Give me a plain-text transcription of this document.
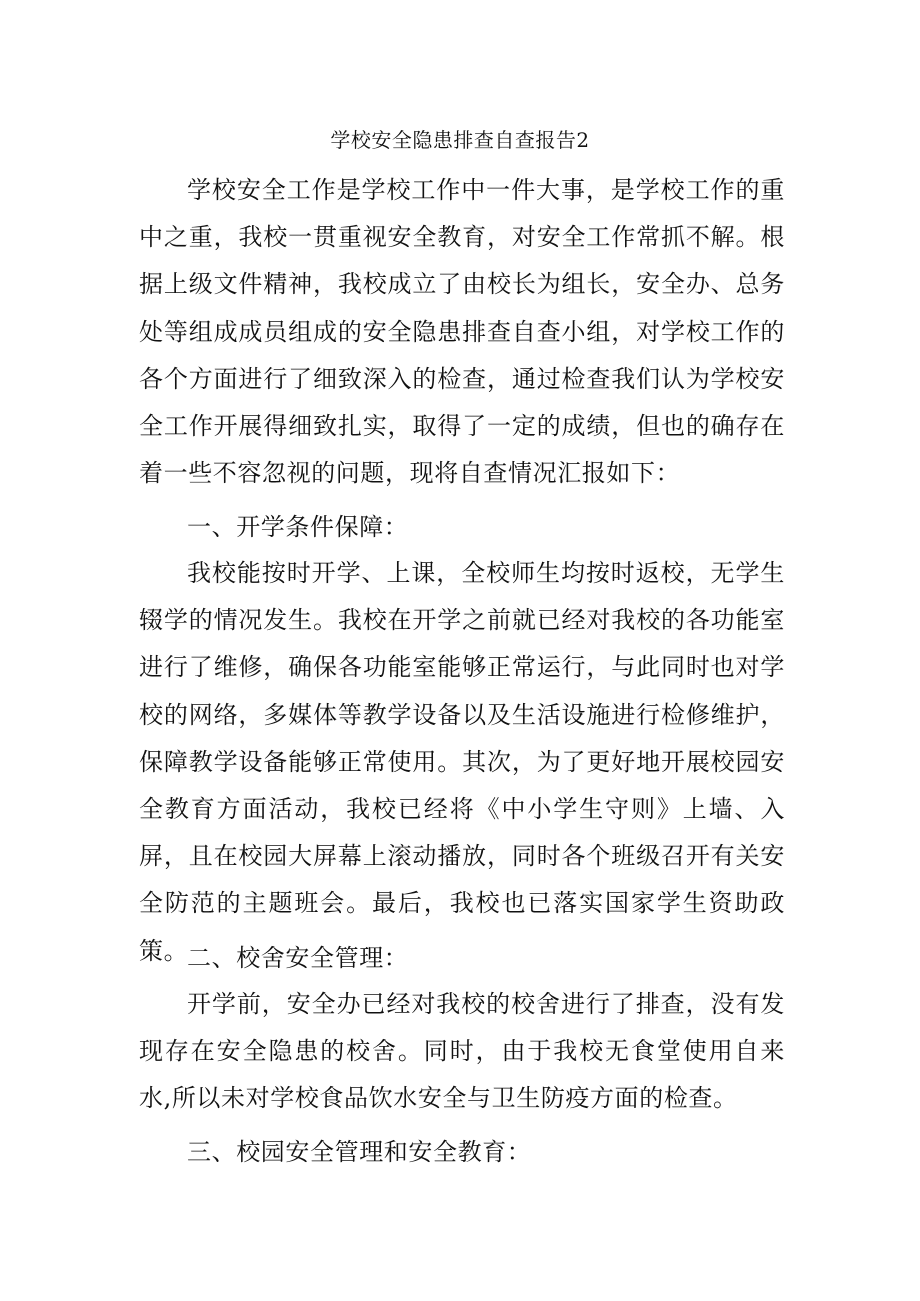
学校安全隐患排查自查报告2

学校安全工作是学校工作中一件大事，是学校工作的重中之重，我校一贯重视安全教育，对安全工作常抓不解。根据上级文件精神，我校成立了由校长为组长，安全办、总务处等组成成员组成的安全隐患排查自查小组，对学校工作的各个方面进行了细致深入的检查，通过检查我们认为学校安全工作开展得细致扎实，取得了一定的成绩，但也的确存在着一些不容忽视的问题，现将自查情况汇报如下：

一、开学条件保障：

我校能按时开学、上课，全校师生均按时返校，无学生辍学的情况发生。我校在开学之前就已经对我校的各功能室进行了维修，确保各功能室能够正常运行，与此同时也对学校的网络，多媒体等教学设备以及生活设施进行检修维护，保障教学设备能够正常使用。其次，为了更好地开展校园安全教育方面活动，我校已经将《中小学生守则》上墙、入屏，且在校园大屏幕上滚动播放，同时各个班级召开有关安全防范的主题班会。最后，我校也已落实国家学生资助政策。

二、校舍安全管理：

开学前，安全办已经对我校的校舍进行了排查，没有发现存在安全隐患的校舍。同时，由于我校无食堂使用自来水,所以未对学校食品饮水安全与卫生防疫方面的检查。

三、校园安全管理和安全教育：
